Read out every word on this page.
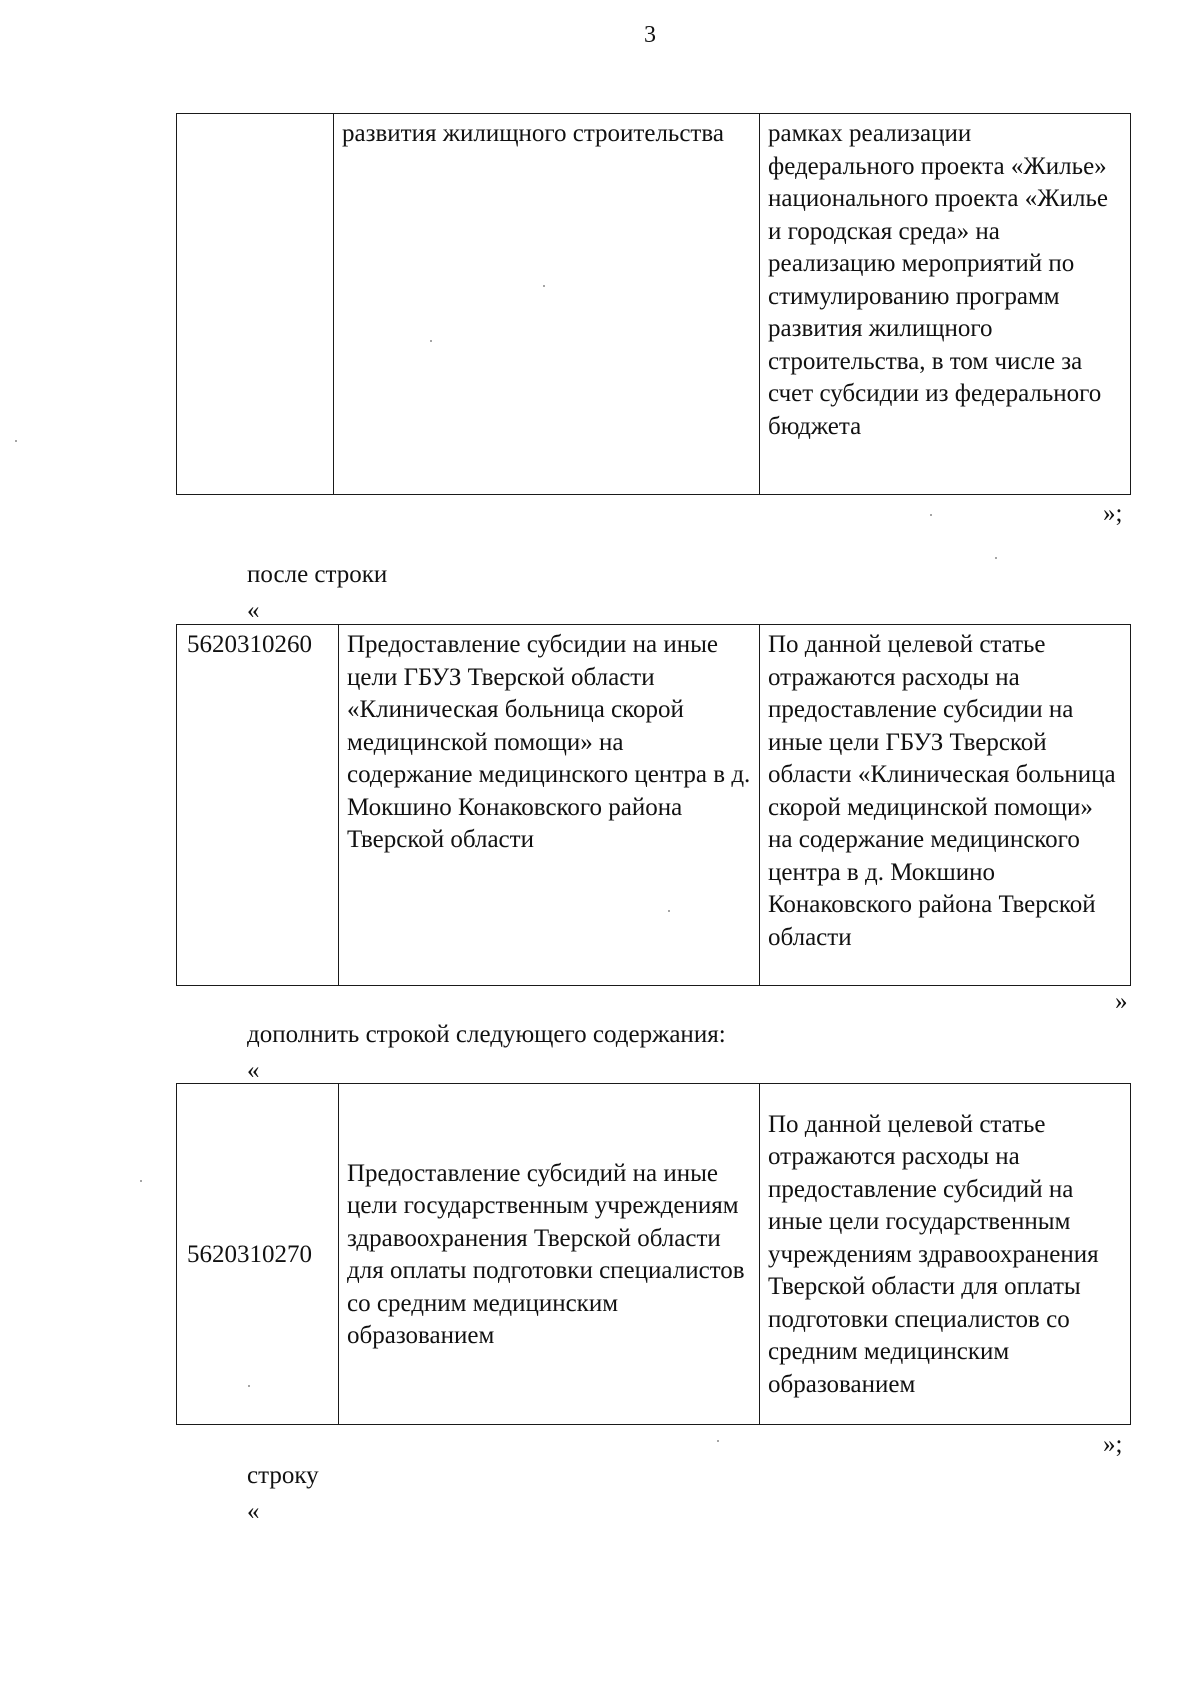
3
	развития жилищного строительства	рамках реализации федерального проекта «Жилье» национального проекта «Жилье и городская среда» на реализацию мероприятий по стимулированию программ развития жилищного строительства, в том числе за счет субсидии из федерального бюджета
»;
после строки
«
5620310260	Предоставление субсидии на иные цели ГБУЗ Тверской области «Клиническая больница скорой медицинской помощи» на содержание медицинского центра в д. Мокшино Конаковского района Тверской области	По данной целевой статье отражаются расходы на предоставление субсидии на иные цели ГБУЗ Тверской области «Клиническая больница скорой медицинской помощи» на содержание медицинского центра в д. Мокшино Конаковского района Тверской области
»
дополнить строкой следующего содержания:
«
5620310270	Предоставление субсидий на иные цели государственным учреждениям здравоохранения Тверской области для оплаты подготовки специалистов со средним медицинским образованием	По данной целевой статье отражаются расходы на предоставление субсидий на иные цели государственным учреждениям здравоохранения Тверской области для оплаты подготовки специалистов со средним медицинским образованием
»;
строку
«
